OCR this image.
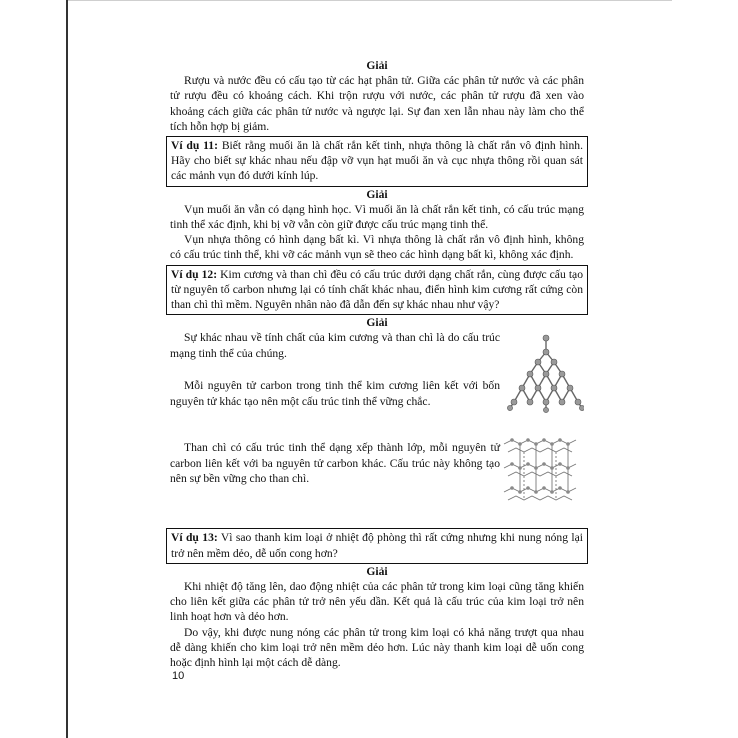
Giải

Rượu và nước đều có cấu tạo từ các hạt phân tử. Giữa các phân tử nước và các phân tử rượu đều có khoảng cách. Khi trộn rượu với nước, các phân tử rượu đã xen vào khoảng cách giữa các phân tử nước và ngược lại. Sự đan xen lẫn nhau này làm cho thể tích hỗn hợp bị giảm.

Ví dụ 11: Biết rằng muối ăn là chất rắn kết tinh, nhựa thông là chất rắn vô định hình. Hãy cho biết sự khác nhau nếu đập vỡ vụn hạt muối ăn và cục nhựa thông rồi quan sát các mảnh vụn đó dưới kính lúp.
Giải

Vụn muối ăn vẫn có dạng hình học. Vì muối ăn là chất rắn kết tinh, có cấu trúc mạng tinh thể xác định, khi bị vỡ vẫn còn giữ được cấu trúc mạng tinh thể.

Vụn nhựa thông có hình dạng bất kì. Vì nhựa thông là chất rắn vô định hình, không có cấu trúc tinh thể, khi vỡ các mảnh vụn sẽ theo các hình dạng bất kì, không xác định.

Ví dụ 12: Kim cương và than chì đều có cấu trúc dưới dạng chất rắn, cùng được cấu tạo từ nguyên tố carbon nhưng lại có tính chất khác nhau, điển hình kim cương rất cứng còn than chì thì mềm. Nguyên nhân nào đã dẫn đến sự khác nhau như vậy?
Giải

Sự khác nhau về tính chất của kim cương và than chì là do cấu trúc mạng tinh thể của chúng.

Mỗi nguyên tử carbon trong tinh thể kim cương liên kết với bốn nguyên tử khác tạo nên một cấu trúc tinh thể vững chắc.

Than chì có cấu trúc tinh thể dạng xếp thành lớp, mỗi nguyên tử carbon liên kết với ba nguyên tử carbon khác. Cấu trúc này không tạo nên sự bền vững cho than chì.

Ví dụ 13: Vì sao thanh kim loại ở nhiệt độ phòng thì rất cứng nhưng khi nung nóng lại trở nên mềm dẻo, dễ uốn cong hơn?
Giải

Khi nhiệt độ tăng lên, dao động nhiệt của các phân tử trong kim loại cũng tăng khiến cho liên kết giữa các phân tử trở nên yếu dần. Kết quả là cấu trúc của kim loại trở nên linh hoạt hơn và dẻo hơn.

Do vậy, khi được nung nóng các phân tử trong kim loại có khả năng trượt qua nhau dễ dàng khiến cho kim loại trở nên mềm dẻo hơn. Lúc này thanh kim loại dễ uốn cong hoặc định hình lại một cách dễ dàng.

10
